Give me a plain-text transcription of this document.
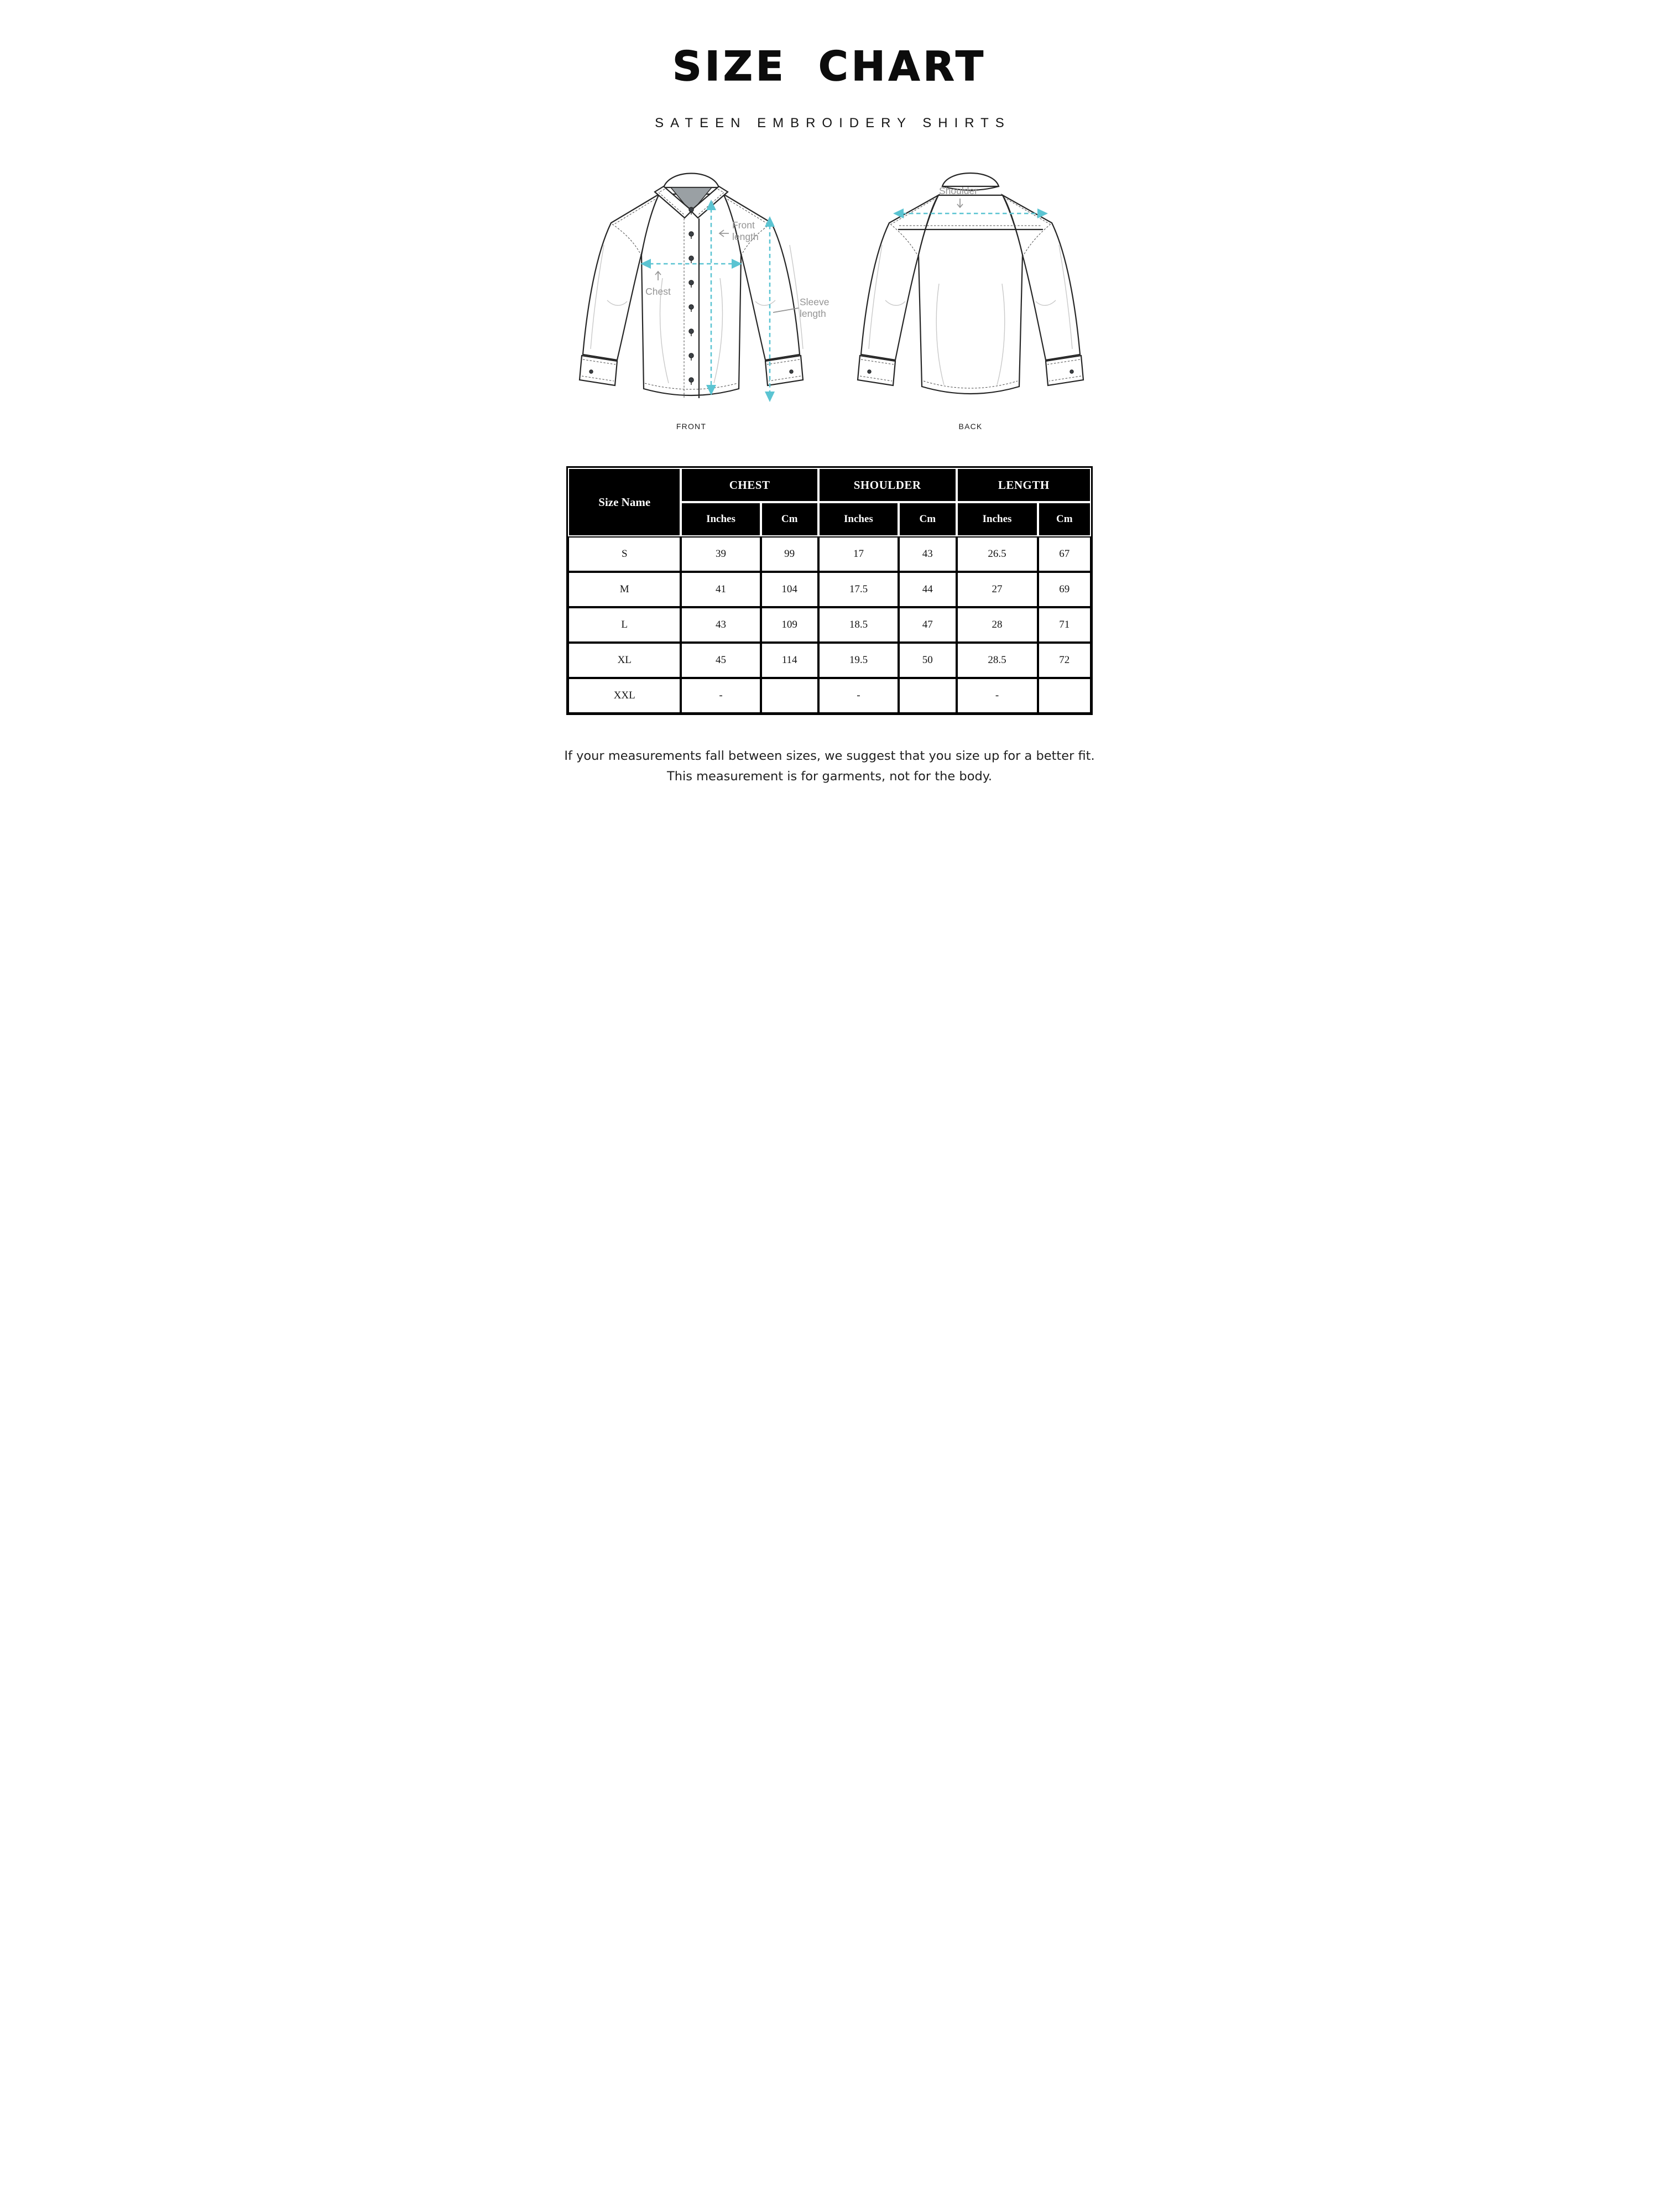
SIZE CHART
SATEEN EMBROIDERY SHIRTS
Chest
Front
length
Sleeve
length
FRONT
Shoulder
BACK
Size Name	CHEST		SHOULDER		LENGTH	
	Inches	Cm	Inches	Cm	Inches	Cm
S	39	99	17	43	26.5	67
M	41	104	17.5	44	27	69
L	43	109	18.5	47	28	71
XL	45	114	19.5	50	28.5	72
XXL	-		-		-	
If your measurements fall between sizes, we suggest that you size up for a better fit.
This measurement is for garments, not for the body.
